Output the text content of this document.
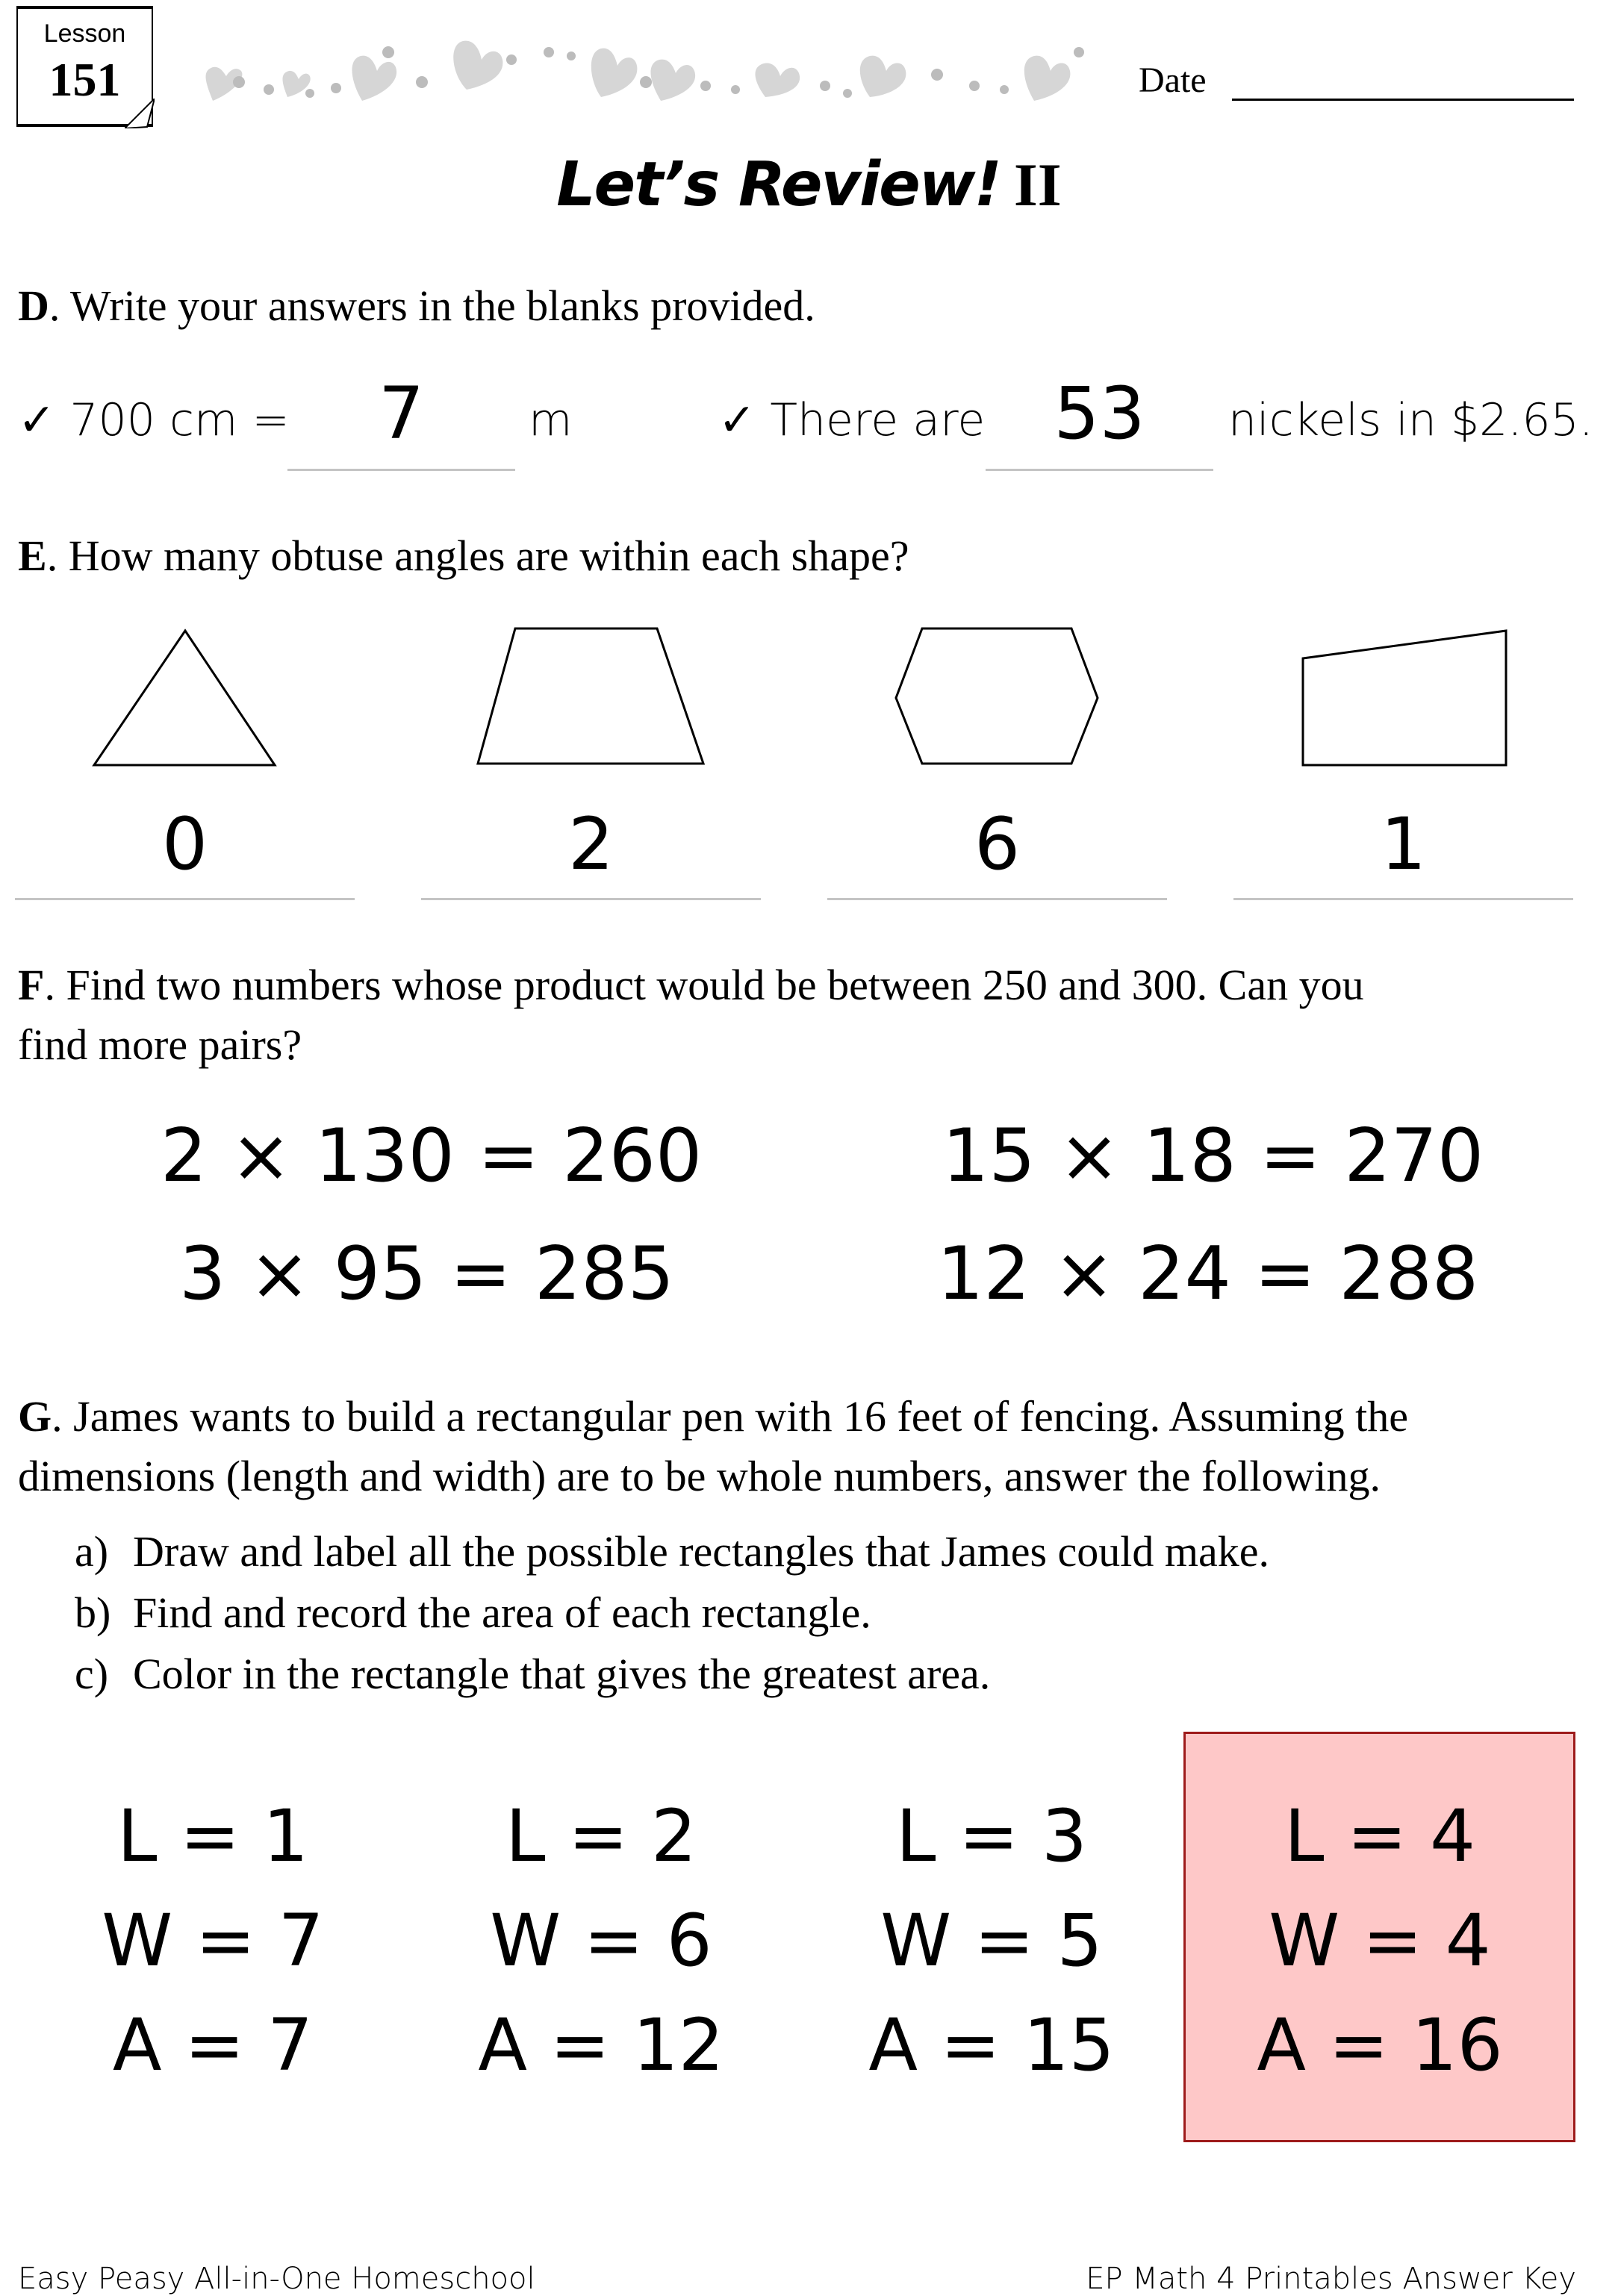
Lesson
151	Date
Let’s Review! II
D. Write your answers in the blanks provided.
✓ 700 cm =	7	m	✓ There are 53	nickels in $2.65.
E. How many obtuse angles are within each shape?
0	2	6	1
F. Find two numbers whose product would be between 250 and 300. Can you
find more pairs?
2 × 130 = 260	15 × 18 = 270
3 × 95 = 285	12 × 24 = 288
G. James wants to build a rectangular pen with 16 feet of fencing. Assuming the
dimensions (length and width) are to be whole numbers, answer the following.
a) Draw and label all the possible rectangles that James could make.
b) Find and record the area of each rectangle.
c) Color in the rectangle that gives the greatest area.
L = 1
W = 7
A = 7
L = 2
W = 6
A = 12
L = 3
W = 5
A = 15
L = 4
W = 4
A = 16
Easy Peasy All-in-One Homeschool	EP Math 4 Printables Answer Key
